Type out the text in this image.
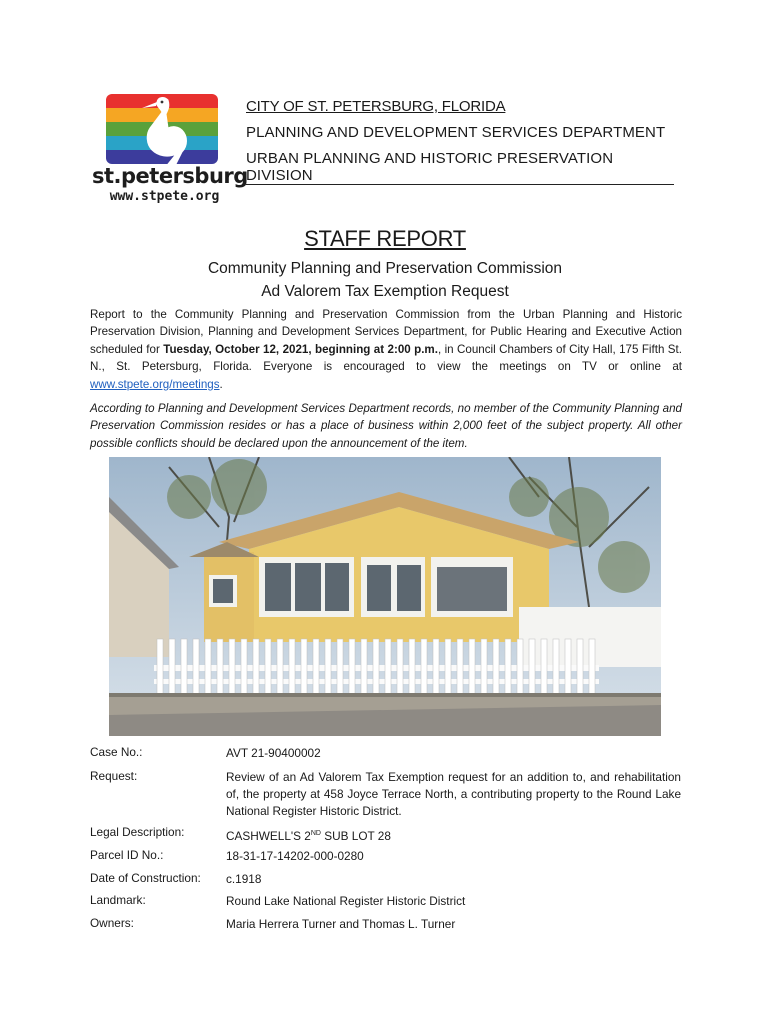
st.petersburg
www.stpete.org
CITY OF ST. PETERSBURG, FLORIDA
PLANNING AND DEVELOPMENT SERVICES DEPARTMENT
URBAN PLANNING AND HISTORIC PRESERVATION DIVISION
STAFF REPORT
Community Planning and Preservation Commission
Ad Valorem Tax Exemption Request
Report to the Community Planning and Preservation Commission from the Urban Planning and Historic Preservation Division, Planning and Development Services Department, for Public Hearing and Executive Action scheduled for Tuesday, October 12, 2021, beginning at 2:00 p.m., in Council Chambers of City Hall, 175 Fifth St. N., St. Petersburg, Florida. Everyone is encouraged to view the meetings on TV or online at www.stpete.org/meetings.
According to Planning and Development Services Department records, no member of the Community Planning and Preservation Commission resides or has a place of business within 2,000 feet of the subject property. All other possible conflicts should be declared upon the announcement of the item.
Case No.:	AVT 21-90400002
Request:	Review of an Ad Valorem Tax Exemption request for an addition to, and rehabilitation of, the property at 458 Joyce Terrace North, a contributing property to the Round Lake National Register Historic District.
Legal Description:	CASHWELL'S 2ND SUB LOT 28
Parcel ID No.:	18-31-17-14202-000-0280
Date of Construction:	c.1918
Landmark:	Round Lake National Register Historic District
Owners:	Maria Herrera Turner and Thomas L. Turner
